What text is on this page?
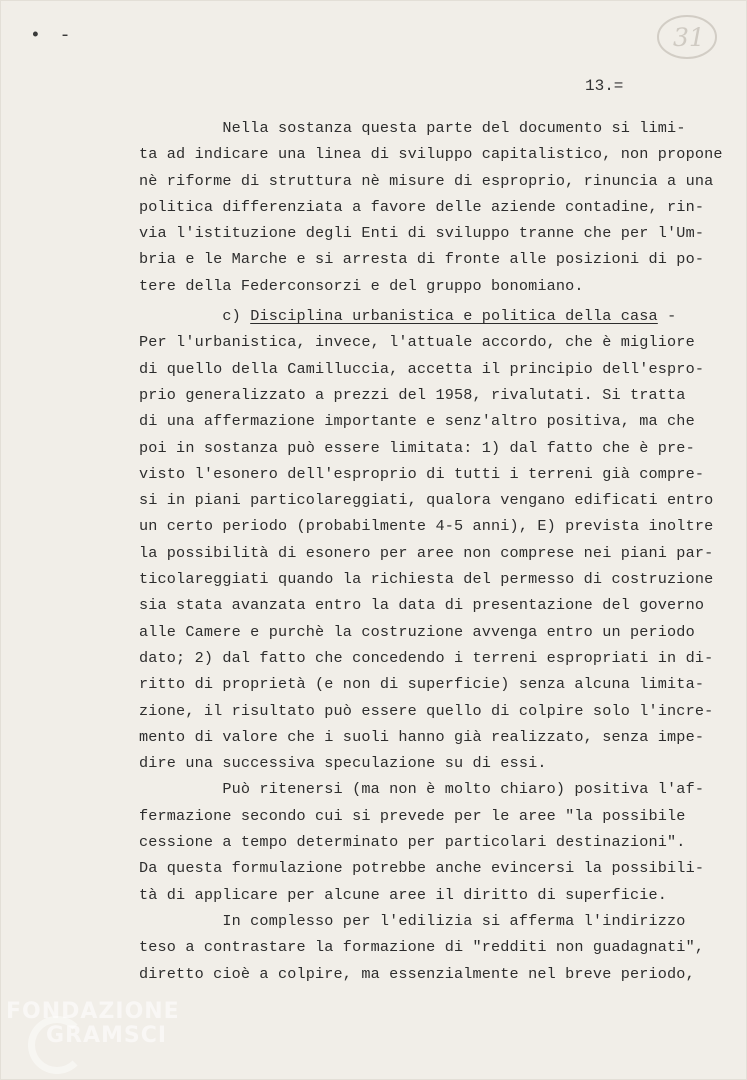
• -	31
13.=
Nella sostanza questa parte del documento si limi-
ta ad indicare una linea di sviluppo capitalistico, non propone
nè riforme di struttura nè misure di esproprio, rinuncia a una
politica differenziata a favore delle aziende contadine, rin-
via l'istituzione degli Enti di sviluppo tranne che per l'Um-
bria e le Marche e si arresta di fronte alle posizioni di po-
tere della Federconsorzi e del gruppo bonomiano.
c) Disciplina urbanistica e politica della casa -
Per l'urbanistica, invece, l'attuale accordo, che è migliore
di quello della Camilluccia, accetta il principio dell'espro-
prio generalizzato a prezzi del 1958, rivalutati. Si tratta
di una affermazione importante e senz'altro positiva, ma che
poi in sostanza può essere limitata: 1) dal fatto che è pre-
visto l'esonero dell'esproprio di tutti i terreni già compre-
si in piani particolareggiati, qualora vengano edificati entro
un certo periodo (probabilmente 4-5 anni), E) prevista inoltre
la possibilità di esonero per aree non comprese nei piani par-
ticolareggiati quando la richiesta del permesso di costruzione
sia stata avanzata entro la data di presentazione del governo
alle Camere e purchè la costruzione avvenga entro un periodo
dato; 2) dal fatto che concedendo i terreni espropriati in di-
ritto di proprietà (e non di superficie) senza alcuna limita-
zione, il risultato può essere quello di colpire solo l'incre-
mento di valore che i suoli hanno già realizzato, senza impe-
dire una successiva speculazione su di essi.
Può ritenersi (ma non è molto chiaro) positiva l'af-
fermazione secondo cui si prevede per le aree "la possibile
cessione a tempo determinato per particolari destinazioni".
Da questa formulazione potrebbe anche evincersi la possibili-
tà di applicare per alcune aree il diritto di superficie.
In complesso per l'edilizia si afferma l'indirizzo
teso a contrastare la formazione di "redditi non guadagnati",
diretto cioè a colpire, ma essenzialmente nel breve periodo,
FONDAZIONE
GRAMSCI
